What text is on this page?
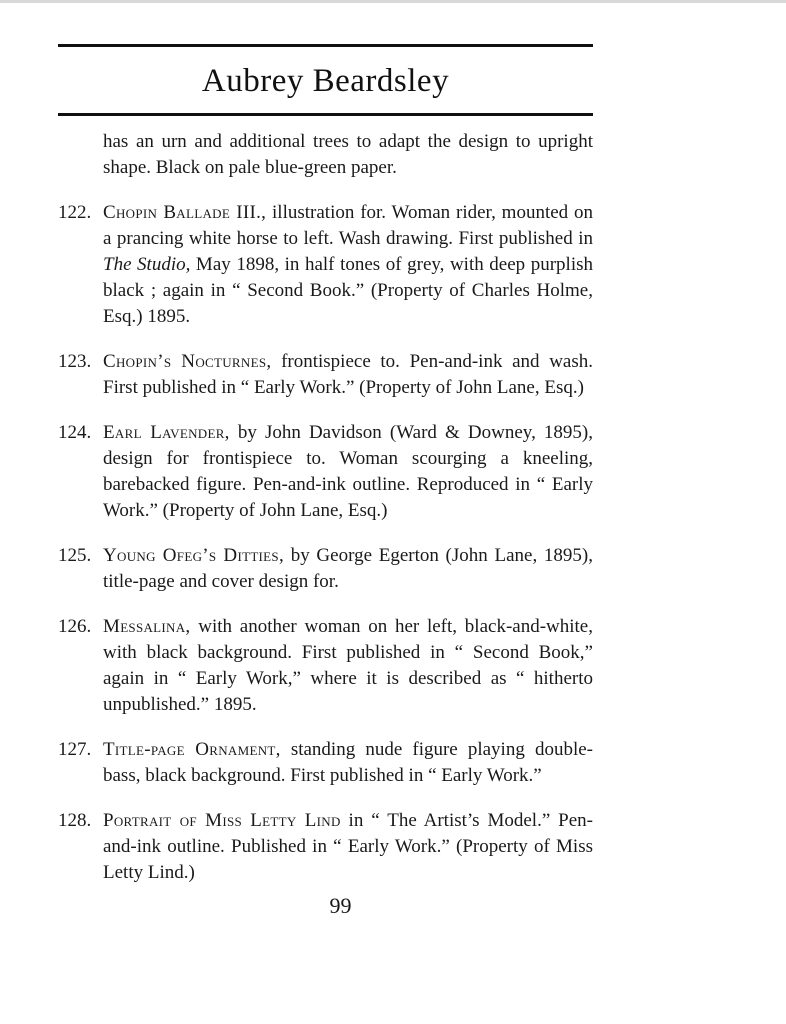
Aubrey Beardsley

has an urn and additional trees to adapt the design to upright shape. Black on pale blue-green paper.

122. Chopin Ballade III., illustration for. Woman rider, mounted on a prancing white horse to left. Wash drawing. First published in The Studio, May 1898, in half tones of grey, with deep purplish black ; again in “ Second Book.” (Property of Charles Holme, Esq.) 1895.

123. Chopin’s Nocturnes, frontispiece to. Pen-and-ink and wash. First published in “ Early Work.” (Property of John Lane, Esq.)

124. Earl Lavender, by John Davidson (Ward & Downey, 1895), design for frontispiece to. Woman scourging a kneeling, barebacked figure. Pen-and-ink outline. Reproduced in “ Early Work.” (Property of John Lane, Esq.)

125. Young Ofeg’s Ditties, by George Egerton (John Lane, 1895), title-page and cover design for.

126. Messalina, with another woman on her left, black-and-white, with black background. First published in “ Second Book,” again in “ Early Work,” where it is described as “ hitherto unpublished.” 1895.

127. Title-page Ornament, standing nude figure playing double-bass, black background. First published in “ Early Work.”

128. Portrait of Miss Letty Lind in “ The Artist’s Model.” Pen-and-ink outline. Published in “ Early Work.” (Property of Miss Letty Lind.)

99
